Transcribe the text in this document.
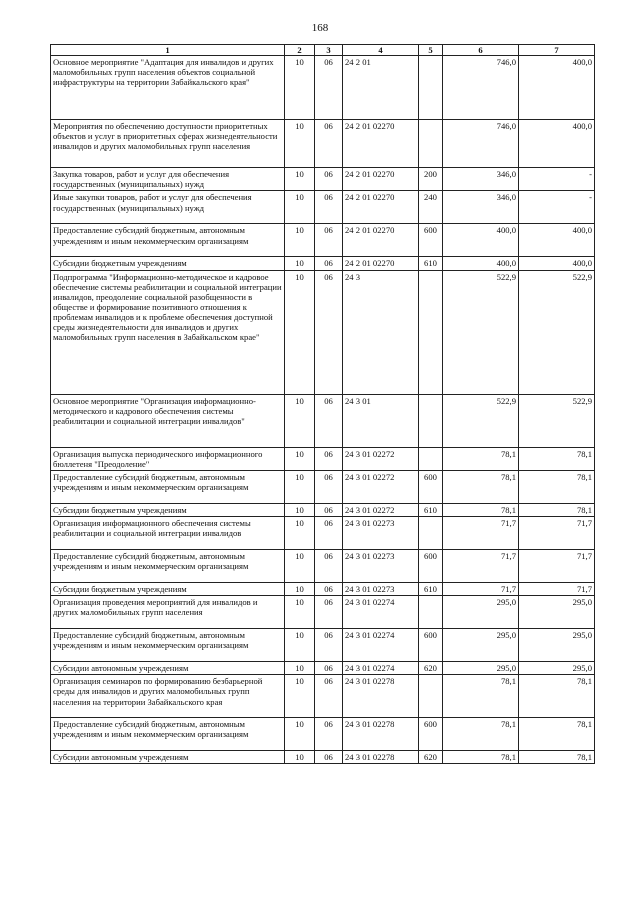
168
1	2	3	4	5	6	7
Основное мероприятие "Адаптация для инвалидов и других маломобильных групп населения объектов социальной инфраструктуры на территории Забайкальского края"	10	06	24 2 01		746,0	400,0
Мероприятия по обеспечению доступности приоритетных объектов и услуг в приоритетных сферах жизнедеятельности инвалидов и других маломобильных групп населения	10	06	24 2 01 02270		746,0	400,0
Закупка товаров, работ и услуг для обеспечения государственных (муниципальных) нужд	10	06	24 2 01 02270	200	346,0	-
Иные закупки товаров, работ и услуг для обеспечения государственных (муниципальных) нужд	10	06	24 2 01 02270	240	346,0	-
Предоставление субсидий бюджетным, автономным учреждениям и иным некоммерческим организациям	10	06	24 2 01 02270	600	400,0	400,0
Субсидии бюджетным учреждениям	10	06	24 2 01 02270	610	400,0	400,0
Подпрограмма "Информационно-методическое и кадровое обеспечение системы реабилитации и социальной интеграции инвалидов, преодоление социальной разобщенности в обществе и формирование позитивного отношения к проблемам инвалидов и к проблеме обеспечения доступной среды жизнедеятельности для инвалидов и других маломобильных групп населения в Забайкальском крае"	10	06	24 3		522,9	522,9
Основное мероприятие "Организация информационно-методического и кадрового обеспечения системы реабилитации и социальной интеграции инвалидов"	10	06	24 3 01		522,9	522,9
Организация выпуска периодического информационного бюллетеня "Преодоление"	10	06	24 3 01 02272		78,1	78,1
Предоставление субсидий бюджетным, автономным учреждениям и иным некоммерческим организациям	10	06	24 3 01 02272	600	78,1	78,1
Субсидии бюджетным учреждениям	10	06	24 3 01 02272	610	78,1	78,1
Организация информационного обеспечения системы реабилитации и социальной интеграции инвалидов	10	06	24 3 01 02273		71,7	71,7
Предоставление субсидий бюджетным, автономным учреждениям и иным некоммерческим организациям	10	06	24 3 01 02273	600	71,7	71,7
Субсидии бюджетным учреждениям	10	06	24 3 01 02273	610	71,7	71,7
Организация проведения мероприятий для инвалидов и других маломобильных групп населения	10	06	24 3 01 02274		295,0	295,0
Предоставление субсидий бюджетным, автономным учреждениям и иным некоммерческим организациям	10	06	24 3 01 02274	600	295,0	295,0
Субсидии автономным учреждениям	10	06	24 3 01 02274	620	295,0	295,0
Организация семинаров по формированию безбарьерной среды для инвалидов и других маломобильных групп населения на территории Забайкальского края	10	06	24 3 01 02278		78,1	78,1
Предоставление субсидий бюджетным, автономным учреждениям и иным некоммерческим организациям	10	06	24 3 01 02278	600	78,1	78,1
Субсидии автономным учреждениям	10	06	24 3 01 02278	620	78,1	78,1
